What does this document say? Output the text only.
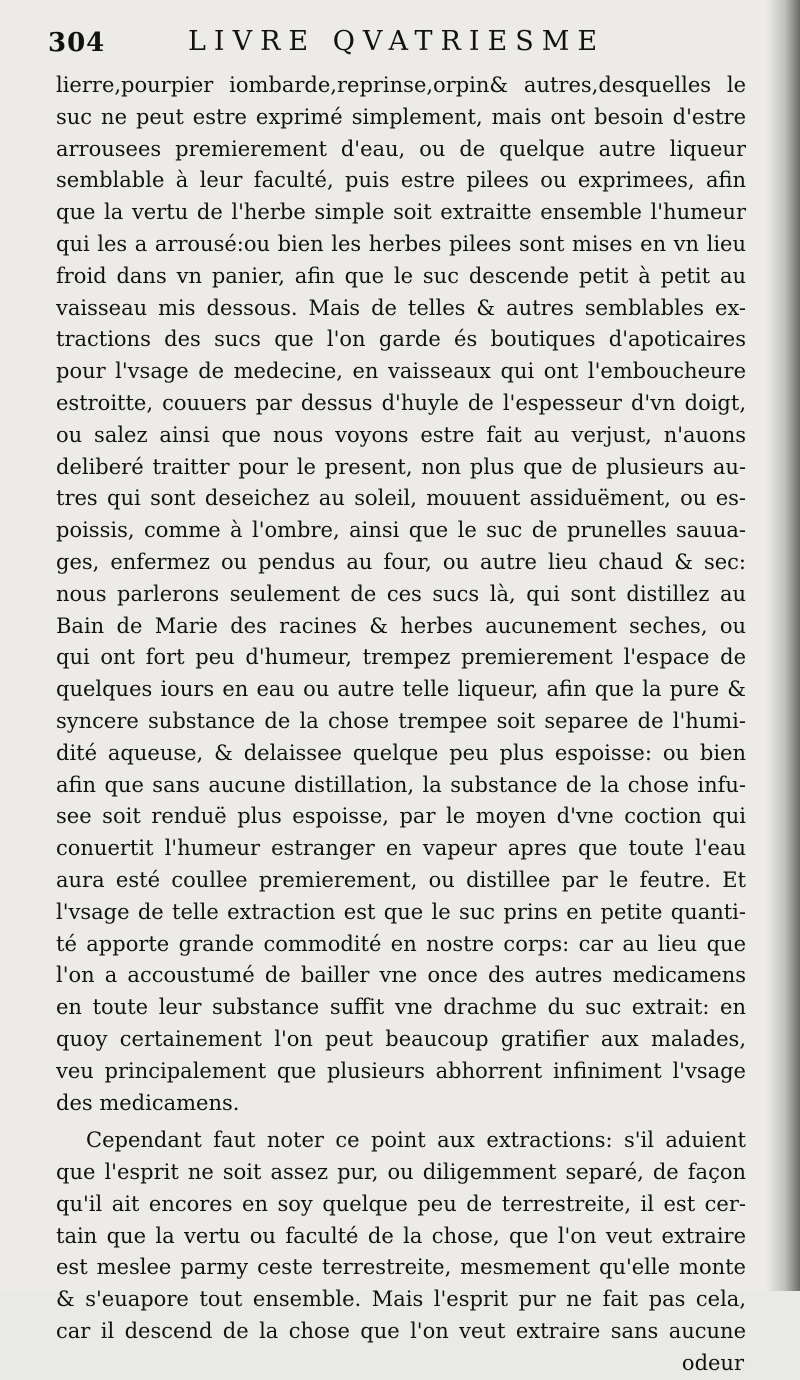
304	LIVRE QVATRIESME
lierre,pourpier iombarde,reprinse,orpin& autres,desquelles le
suc ne peut estre exprimé simplement, mais ont besoin d'estre
arrousees premierement d'eau, ou de quelque autre liqueur
semblable à leur faculté, puis estre pilees ou exprimees, afin
que la vertu de l'herbe simple soit extraitte ensemble l'humeur
qui les a arrousé:ou bien les herbes pilees sont mises en vn lieu
froid dans vn panier, afin que le suc descende petit à petit au
vaisseau mis dessous. Mais de telles & autres semblables ex-
tractions des sucs que l'on garde és boutiques d'apoticaires
pour l'vsage de medecine, en vaisseaux qui ont l'emboucheure
estroitte, couuers par dessus d'huyle de l'espesseur d'vn doigt,
ou salez ainsi que nous voyons estre fait au verjust, n'auons
deliberé traitter pour le present, non plus que de plusieurs au-
tres qui sont deseichez au soleil, mouuent assiduëment, ou es-
poissis, comme à l'ombre, ainsi que le suc de prunelles sauua-
ges, enfermez ou pendus au four, ou autre lieu chaud & sec:
nous parlerons seulement de ces sucs là, qui sont distillez au
Bain de Marie des racines & herbes aucunement seches, ou
qui ont fort peu d'humeur, trempez premierement l'espace de
quelques iours en eau ou autre telle liqueur, afin que la pure &
syncere substance de la chose trempee soit separee de l'humi-
dité aqueuse, & delaissee quelque peu plus espoisse: ou bien
afin que sans aucune distillation, la substance de la chose infu-
see soit renduë plus espoisse, par le moyen d'vne coction qui
conuertit l'humeur estranger en vapeur apres que toute l'eau
aura esté coullee premierement, ou distillee par le feutre. Et
l'vsage de telle extraction est que le suc prins en petite quanti-
té apporte grande commodité en nostre corps: car au lieu que
l'on a accoustumé de bailler vne once des autres medicamens
en toute leur substance suffit vne drachme du suc extrait: en
quoy certainement l'on peut beaucoup gratifier aux malades,
veu principalement que plusieurs abhorrent infiniment l'vsage
des medicamens.
Cependant faut noter ce point aux extractions: s'il aduient
que l'esprit ne soit assez pur, ou diligemment separé, de façon
qu'il ait encores en soy quelque peu de terrestreite, il est cer-
tain que la vertu ou faculté de la chose, que l'on veut extraire
est meslee parmy ceste terrestreite, mesmement qu'elle monte
& s'euapore tout ensemble. Mais l'esprit pur ne fait pas cela,
car il descend de la chose que l'on veut extraire sans aucune
odeur
